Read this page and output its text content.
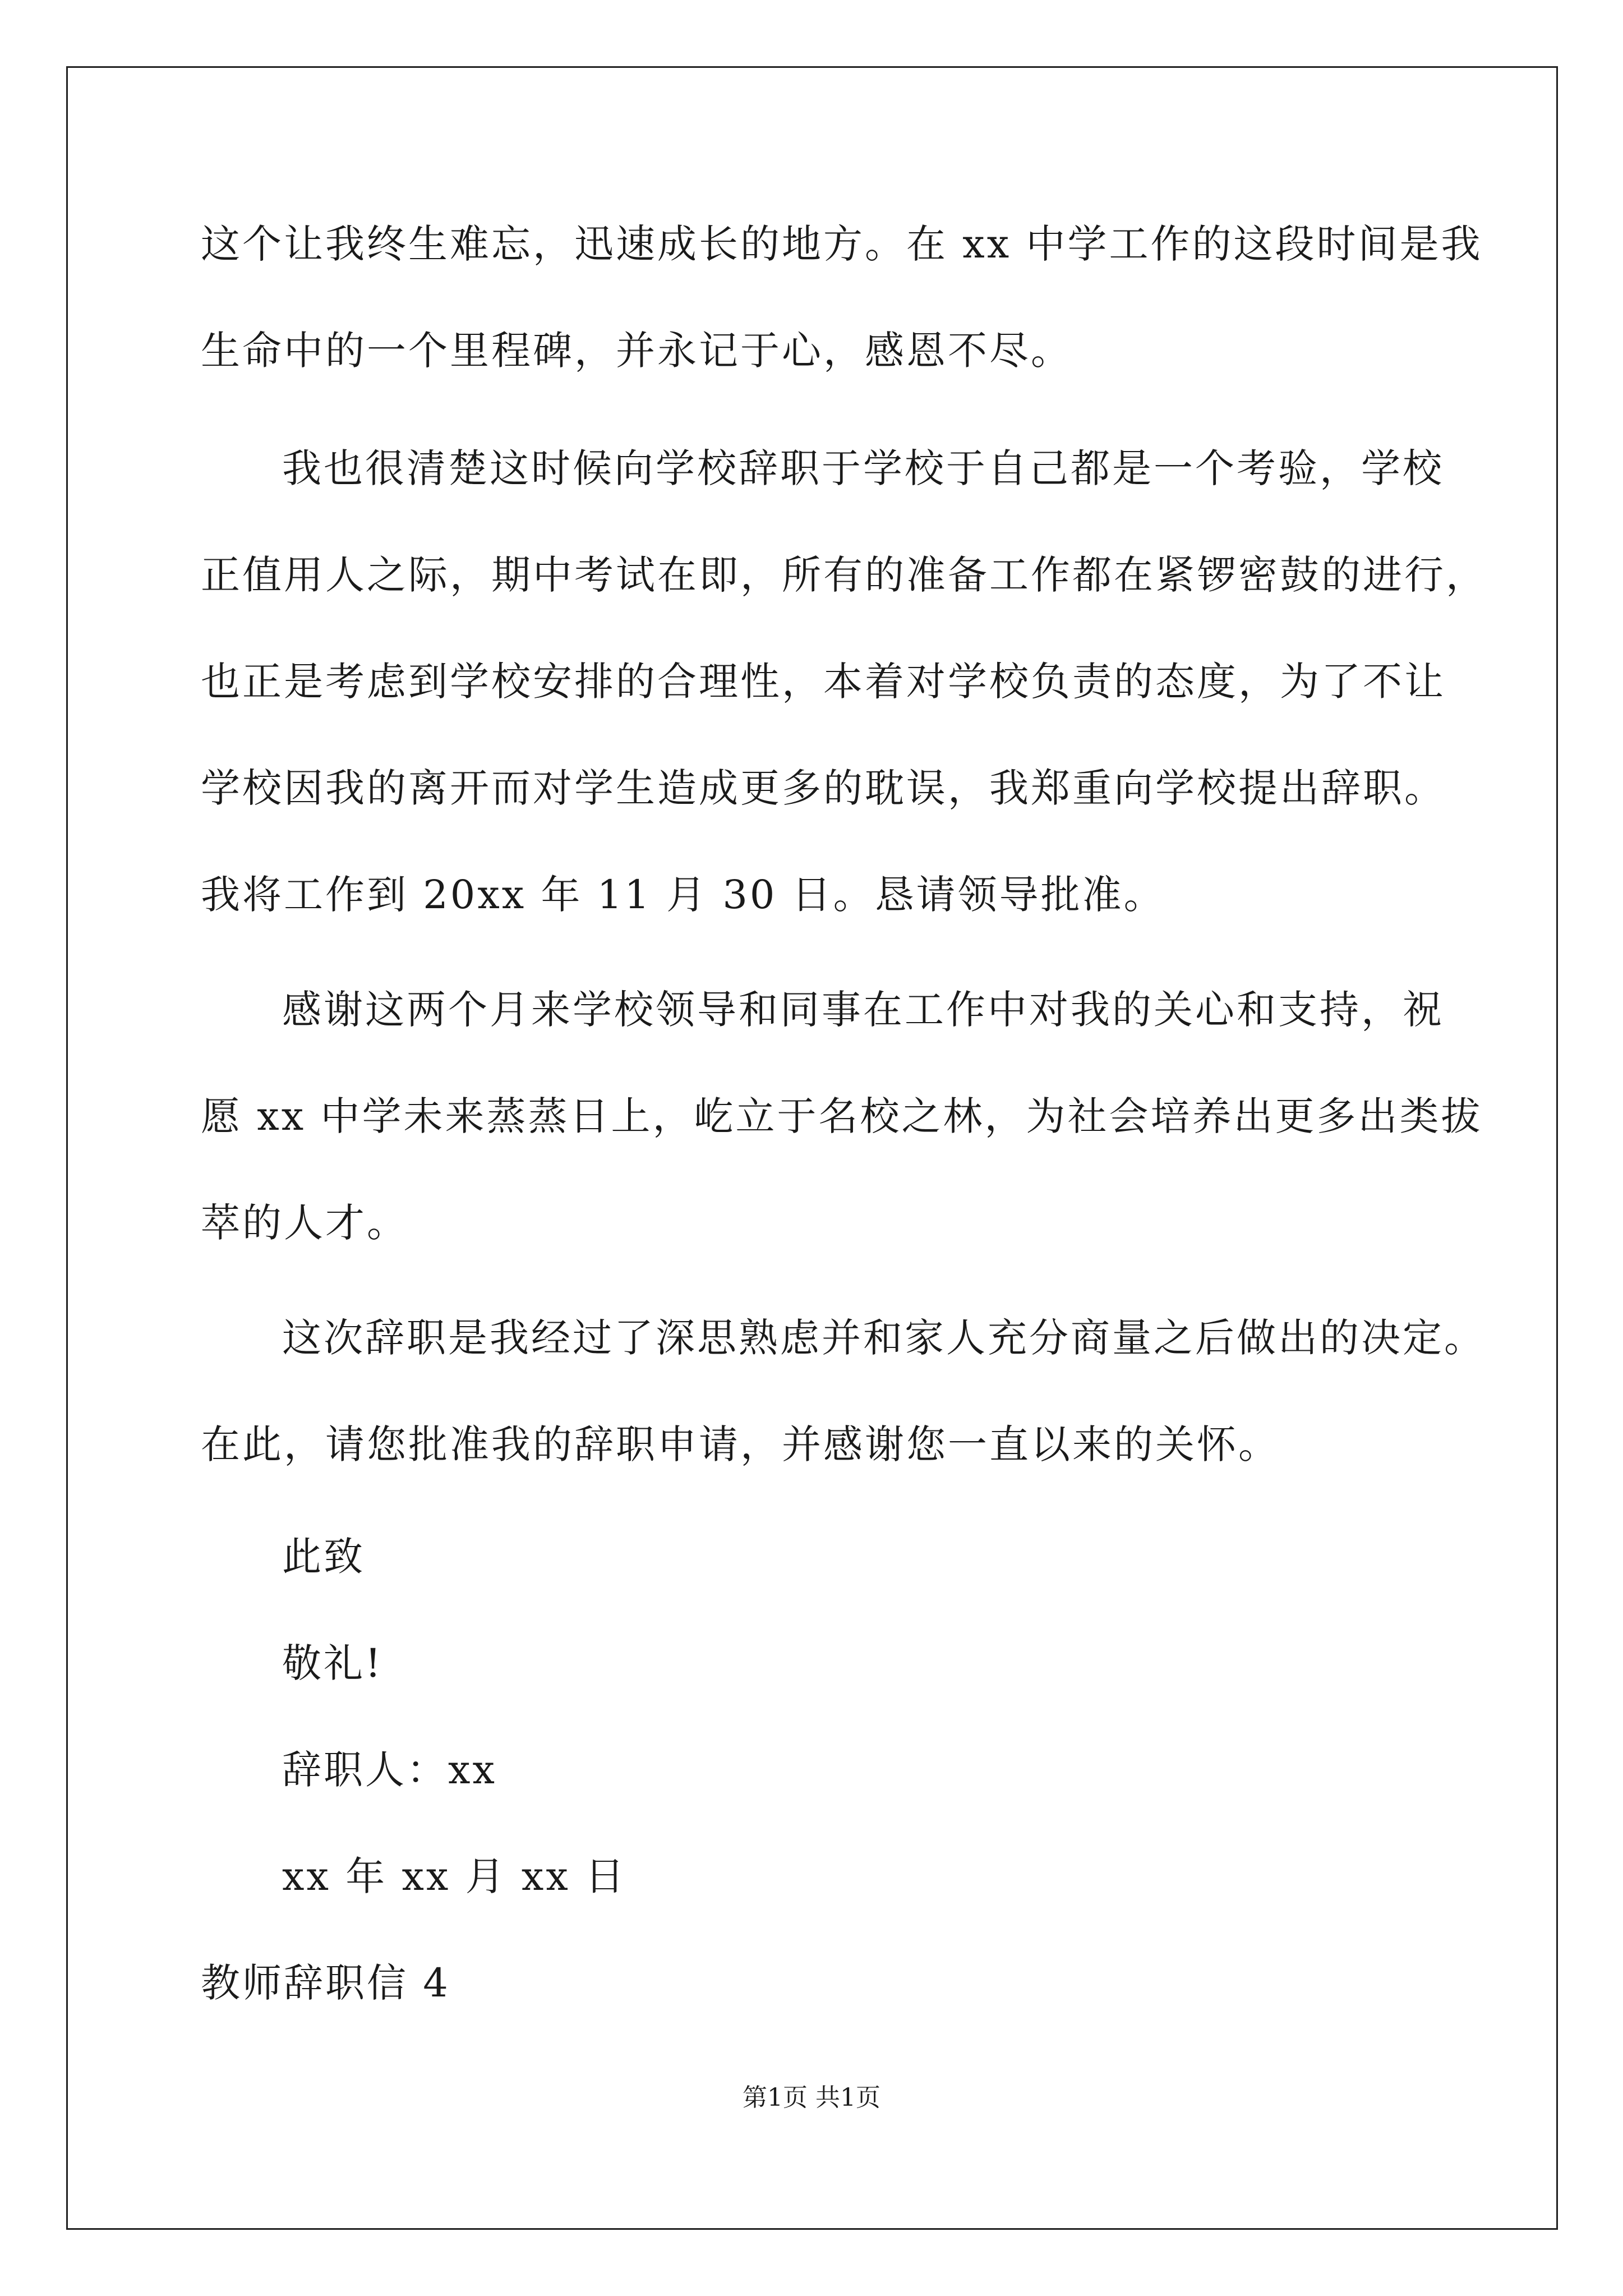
这个让我终生难忘，迅速成长的地方。在 xx 中学工作的这段时间是我
生命中的一个里程碑，并永记于心，感恩不尽。
我也很清楚这时候向学校辞职于学校于自己都是一个考验，学校
正值用人之际，期中考试在即，所有的准备工作都在紧锣密鼓的进行，
也正是考虑到学校安排的合理性，本着对学校负责的态度，为了不让
学校因我的离开而对学生造成更多的耽误，我郑重向学校提出辞职。
我将工作到 20xx 年 11 月 30 日。恳请领导批准。
感谢这两个月来学校领导和同事在工作中对我的关心和支持，祝
愿 xx 中学未来蒸蒸日上，屹立于名校之林，为社会培养出更多出类拔
萃的人才。
这次辞职是我经过了深思熟虑并和家人充分商量之后做出的决定。
在此，请您批准我的辞职申请，并感谢您一直以来的关怀。
此致
敬礼!
辞职人：xx
xx 年 xx 月 xx 日
教师辞职信 4
第1页 共1页
